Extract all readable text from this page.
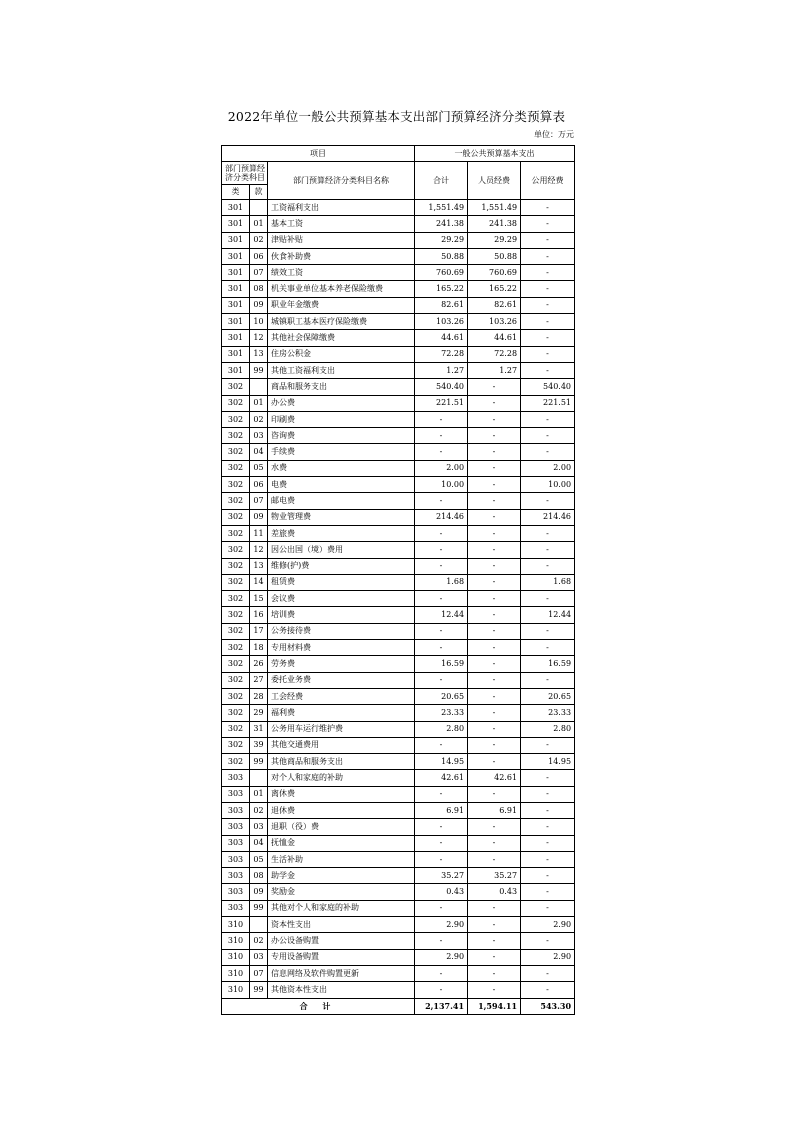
2022年单位一般公共预算基本支出部门预算经济分类预算表
单位：万元
项目			一般公共预算基本支出		

部门预算经
济分类科目		部门预算经济分类科目名称	合计	人员经费	公用经费
类	款				
301		工资福利支出	1,551.49	1,551.49	-
301	01	基本工资	241.38	241.38	-
301	02	津贴补贴	29.29	29.29	-
301	06	伙食补助费	50.88	50.88	-
301	07	绩效工资	760.69	760.69	-
301	08	机关事业单位基本养老保险缴费	165.22	165.22	-
301	09	职业年金缴费	82.61	82.61	-
301	10	城镇职工基本医疗保险缴费	103.26	103.26	-
301	12	其他社会保障缴费	44.61	44.61	-
301	13	住房公积金	72.28	72.28	-
301	99	其他工资福利支出	1.27	1.27	-
302		商品和服务支出	540.40	-	540.40
302	01	办公费	221.51	-	221.51
302	02	印刷费	-	-	-
302	03	咨询费	-	-	-
302	04	手续费	-	-	-
302	05	水费	2.00	-	2.00
302	06	电费	10.00	-	10.00
302	07	邮电费	-	-	-
302	09	物业管理费	214.46	-	214.46
302	11	差旅费	-	-	-
302	12	因公出国（境）费用	-	-	-
302	13	维修(护)费	-	-	-
302	14	租赁费	1.68	-	1.68
302	15	会议费	-	-	-
302	16	培训费	12.44	-	12.44
302	17	公务接待费	-	-	-
302	18	专用材料费	-	-	-
302	26	劳务费	16.59	-	16.59
302	27	委托业务费	-	-	-
302	28	工会经费	20.65	-	20.65
302	29	福利费	23.33	-	23.33
302	31	公务用车运行维护费	2.80	-	2.80
302	39	其他交通费用	-	-	-
302	99	其他商品和服务支出	14.95	-	14.95
303		对个人和家庭的补助	42.61	42.61	-
303	01	离休费	-	-	-
303	02	退休费	6.91	6.91	-
303	03	退职（役）费	-	-	-
303	04	抚恤金	-	-	-
303	05	生活补助	-	-	-
303	08	助学金	35.27	35.27	-
303	09	奖励金	0.43	0.43	-
303	99	其他对个人和家庭的补助	-	-	-
310		资本性支出	2.90	-	2.90
310	02	办公设备购置	-	-	-
310	03	专用设备购置	2.90	-	2.90
310	07	信息网络及软件购置更新	-	-	-
310	99	其他资本性支出	-	-	-
合 计			2,137.41	1,594.11	543.30
